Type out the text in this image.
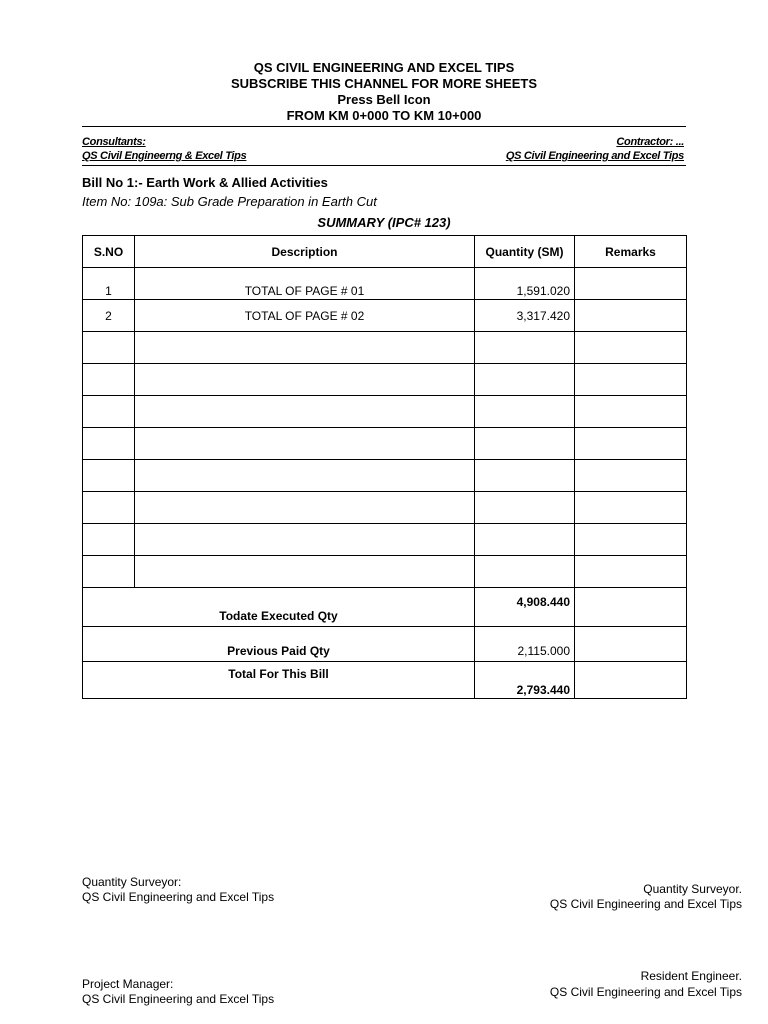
QS CIVIL ENGINEERING AND EXCEL TIPS
SUBSCRIBE THIS CHANNEL FOR MORE SHEETS
Press Bell Icon
FROM KM 0+000 TO KM 10+000
Consultants:
QS Civil Engineerng & Excel Tips
Contractor: ...
QS Civil Engineering and Excel Tips
Bill No 1:- Earth Work & Allied Activities
Item No: 109a: Sub Grade Preparation in Earth Cut
SUMMARY (IPC# 123)
S.NO	Description	Quantity (SM)	Remarks
1	TOTAL OF PAGE # 01	1,591.020	
2	TOTAL OF PAGE # 02	3,317.420	

Todate Executed Qty		4,908.440	
Previous Paid Qty		2,115.000	
Total For This Bill		2,793.440	
Quantity Surveyor:
QS Civil Engineering and Excel Tips
Quantity Surveyor.
QS Civil Engineering and Excel Tips
Project Manager:
QS Civil Engineering and Excel Tips
Resident Engineer.
QS Civil Engineering and Excel Tips
